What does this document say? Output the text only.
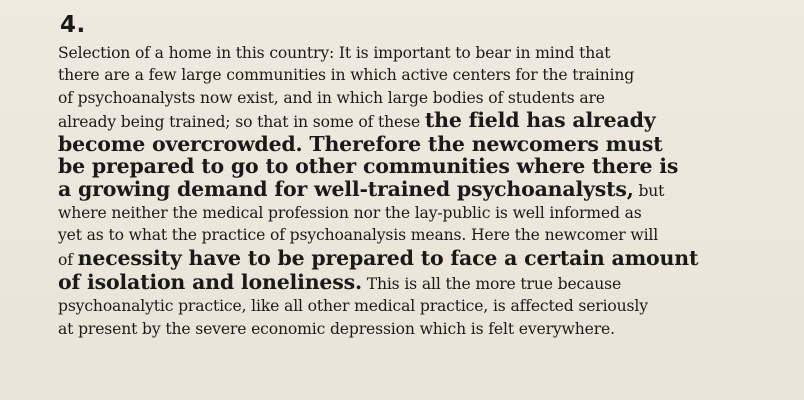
4.
Selection of a home in this country: It is important to bear in mind that
there are a few large communities in which active centers for the training
of psychoanalysts now exist, and in which large bodies of students are
already being trained; so that in some of these the field has already
become overcrowded. Therefore the newcomers must
be prepared to go to other communities where there is
a growing demand for well-trained psychoanalysts, but
where neither the medical profession nor the lay-public is well informed as
yet as to what the practice of psychoanalysis means. Here the newcomer will
of necessity have to be prepared to face a certain amount
of isolation and loneliness. This is all the more true because
psychoanalytic practice, like all other medical practice, is affected seriously
at present by the severe economic depression which is felt everywhere.
